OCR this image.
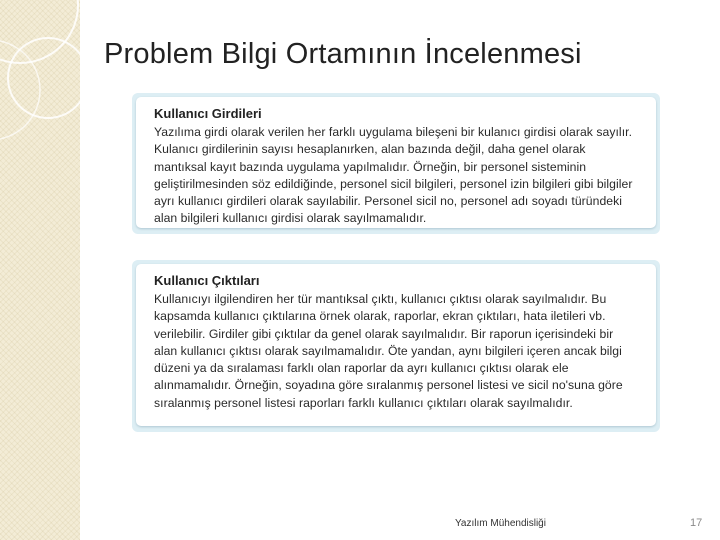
Problem Bilgi Ortamının İncelenmesi

Kullanıcı Girdileri

Yazılıma girdi olarak verilen her farklı uygulama bileşeni bir kulanıcı girdisi olarak sayılır. Kulanıcı girdilerinin sayısı hesaplanırken, alan bazında değil, daha genel olarak mantıksal kayıt bazında uygulama yapılmalıdır. Örneğin, bir personel sisteminin geliştirilmesinden söz edildiğinde, personel sicil bilgileri, personel izin bilgileri gibi bilgiler ayrı kullanıcı girdileri olarak sayılabilir. Personel sicil no, personel adı soyadı türündeki alan bilgileri kullanıcı girdisi olarak sayılmamalıdır.

Kullanıcı Çıktıları

Kullanıcıyı ilgilendiren her tür mantıksal çıktı, kullanıcı çıktısı olarak sayılmalıdır. Bu kapsamda kullanıcı çıktılarına örnek olarak, raporlar, ekran çıktıları, hata iletileri vb. verilebilir. Girdiler gibi çıktılar da genel olarak sayılmalıdır. Bir raporun içerisindeki bir alan kullanıcı çıktısı olarak sayılmamalıdır. Öte yandan, aynı bilgileri içeren ancak bilgi düzeni ya da sıralaması farklı olan raporlar da ayrı kullanıcı çıktısı olarak ele alınmamalıdır. Örneğin, soyadına göre sıralanmış personel listesi ve sicil no'suna göre sıralanmış personel listesi raporları farklı kullanıcı çıktıları olarak sayılmalıdır.

Yazılım Mühendisliği	17
